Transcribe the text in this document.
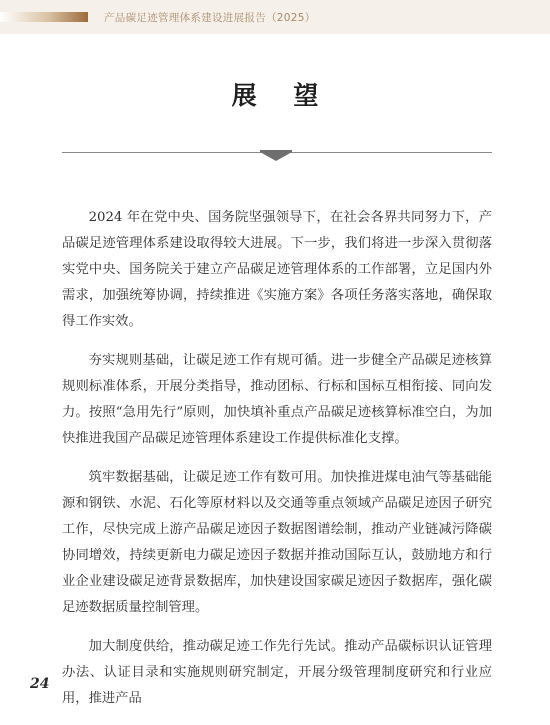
产品碳足迹管理体系建设进展报告（2025）
展 望

2024 年在党中央、国务院坚强领导下，在社会各界共同努力下，产品碳足迹管理体系建设取得较大进展。下一步，我们将进一步深入贯彻落实党中央、国务院关于建立产品碳足迹管理体系的工作部署，立足国内外需求，加强统筹协调，持续推进《实施方案》各项任务落实落地，确保取得工作实效。

夯实规则基础，让碳足迹工作有规可循。进一步健全产品碳足迹核算规则标准体系，开展分类指导，推动团标、行标和国标互相衔接、同向发力。按照“急用先行”原则，加快填补重点产品碳足迹核算标准空白，为加快推进我国产品碳足迹管理体系建设工作提供标准化支撑。

筑牢数据基础，让碳足迹工作有数可用。加快推进煤电油气等基础能源和钢铁、水泥、石化等原材料以及交通等重点领域产品碳足迹因子研究工作，尽快完成上游产品碳足迹因子数据图谱绘制，推动产业链减污降碳协同增效，持续更新电力碳足迹因子数据并推动国际互认，鼓励地方和行业企业建设碳足迹背景数据库，加快建设国家碳足迹因子数据库，强化碳足迹数据质量控制管理。

加大制度供给，推动碳足迹工作先行先试。推动产品碳标识认证管理办法、认证目录和实施规则研究制定，开展分级管理制度研究和行业应用，推进产品

24
